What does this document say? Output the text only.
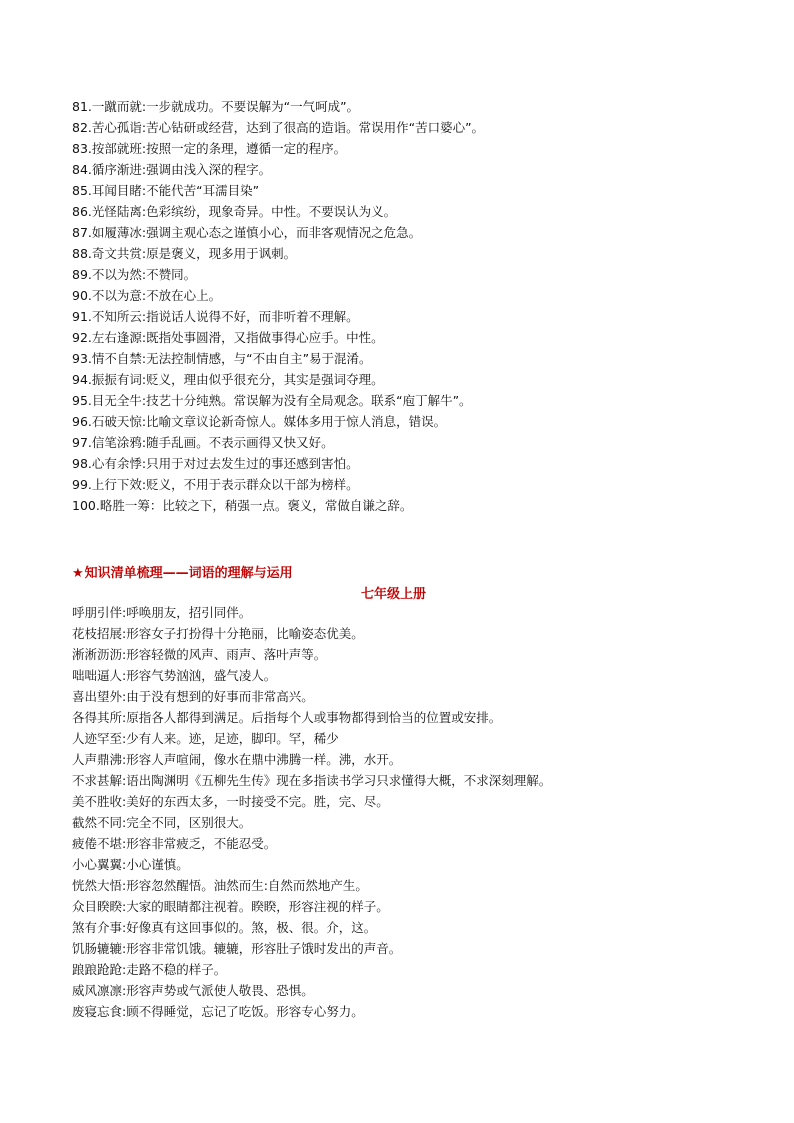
81.一蹴而就:一步就成功。不要误解为“一气呵成”。
82.苦心孤诣:苦心钻研或经营，达到了很高的造诣。常误用作“苦口婆心”。
83.按部就班:按照一定的条理，遵循一定的程序。
84.循序渐进:强调由浅入深的程字。
85.耳闻目睹:不能代苦“耳濡目染”
86.光怪陆离:色彩缤纷，现象奇异。中性。不要误认为义。
87.如履薄冰:强调主观心态之谨慎小心，而非客观情况之危急。
88.奇文共赏:原是褒义，现多用于讽刺。
89.不以为然:不赞同。
90.不以为意:不放在心上。
91.不知所云:指说话人说得不好，而非听着不理解。
92.左右逢源:既指处事圆滑，又指做事得心应手。中性。
93.情不自禁:无法控制情感，与“不由自主”易于混淆。
94.振振有词:贬义，理由似乎很充分，其实是强词夺理。
95.目无全牛:技艺十分纯熟。常误解为没有全局观念。联系“庖丁解牛”。
96.石破天惊:比喻文章议论新奇惊人。媒体多用于惊人消息，错误。
97.信笔涂鸦:随手乱画。不表示画得又快又好。
98.心有余悸:只用于对过去发生过的事还感到害怕。
99.上行下效:贬义，不用于表示群众以干部为榜样。
100.略胜一筹：比较之下，稍强一点。褒义，常做自谦之辞。
★知识清单梳理——词语的理解与运用
七年级上册
呼朋引伴:呼唤朋友，招引同伴。
花枝招展:形容女子打扮得十分艳丽，比喻姿态优美。
淅淅沥沥:形容轻微的风声、雨声、落叶声等。
咄咄逼人:形容气势汹汹，盛气凌人。
喜出望外:由于没有想到的好事而非常高兴。
各得其所:原指各人都得到满足。后指每个人或事物都得到恰当的位置或安排。
人迹罕至:少有人来。迹，足迹，脚印。罕，稀少
人声鼎沸:形容人声喧闹，像水在鼎中沸腾一样。沸，水开。
不求甚解:语出陶渊明《五柳先生传》现在多指读书学习只求懂得大概，不求深刻理解。
美不胜收:美好的东西太多，一时接受不完。胜，完、尽。
截然不同:完全不同，区别很大。
疲倦不堪:形容非常疲乏，不能忍受。
小心翼翼:小心谨慎。
恍然大悟:形容忽然醒悟。油然而生:自然而然地产生。
众目睽睽:大家的眼睛都注视着。睽睽，形容注视的样子。
煞有介事:好像真有这回事似的。煞，极、很。介，这。
饥肠辘辘:形容非常饥饿。辘辘，形容肚子饿时发出的声音。
踉踉跄跄:走路不稳的样子。
威风凛凛:形容声势或气派使人敬畏、恐惧。
废寝忘食:顾不得睡觉，忘记了吃饭。形容专心努力。
